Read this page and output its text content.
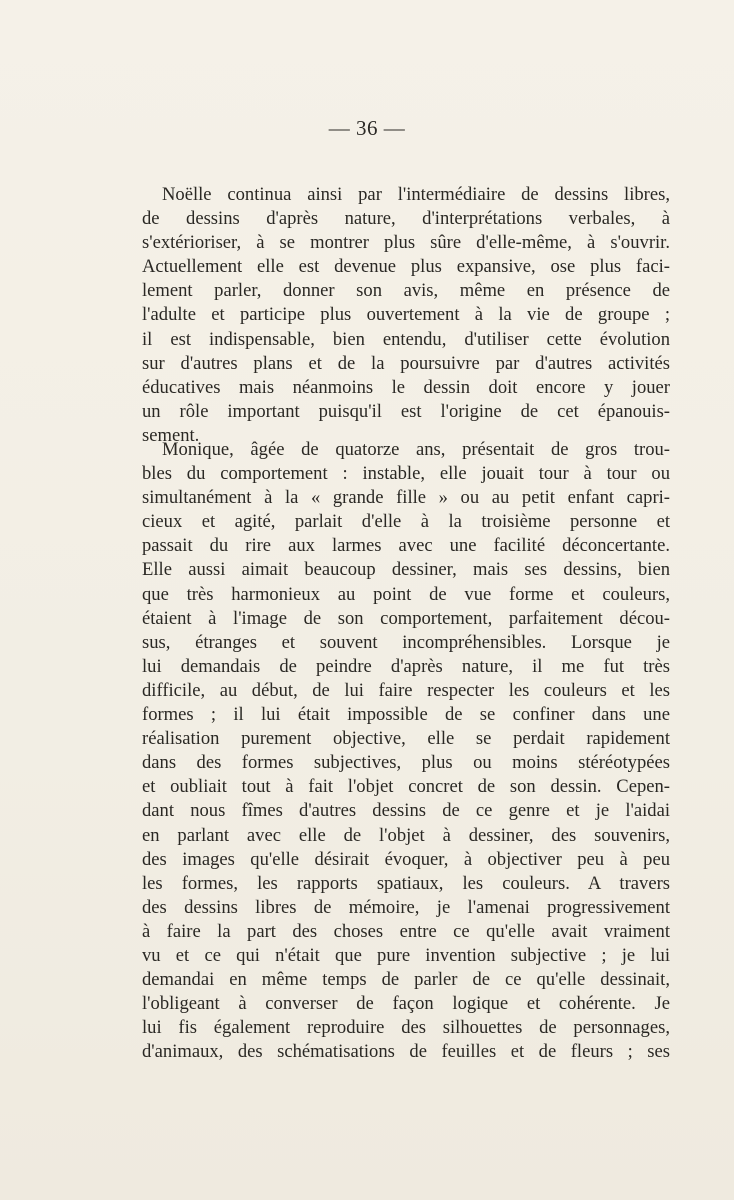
— 36 —
Noëlle continua ainsi par l'intermédiaire de dessins libres,
de dessins d'après nature, d'interprétations verbales, à
s'extérioriser, à se montrer plus sûre d'elle-même, à s'ouvrir.
Actuellement elle est devenue plus expansive, ose plus faci-
lement parler, donner son avis, même en présence de
l'adulte et participe plus ouvertement à la vie de groupe ;
il est indispensable, bien entendu, d'utiliser cette évolution
sur d'autres plans et de la poursuivre par d'autres activités
éducatives mais néanmoins le dessin doit encore y jouer
un rôle important puisqu'il est l'origine de cet épanouis-
sement.
Monique, âgée de quatorze ans, présentait de gros trou-
bles du comportement : instable, elle jouait tour à tour ou
simultanément à la « grande fille » ou au petit enfant capri-
cieux et agité, parlait d'elle à la troisième personne et
passait du rire aux larmes avec une facilité déconcertante.
Elle aussi aimait beaucoup dessiner, mais ses dessins, bien
que très harmonieux au point de vue forme et couleurs,
étaient à l'image de son comportement, parfaitement décou-
sus, étranges et souvent incompréhensibles. Lorsque je
lui demandais de peindre d'après nature, il me fut très
difficile, au début, de lui faire respecter les couleurs et les
formes ; il lui était impossible de se confiner dans une
réalisation purement objective, elle se perdait rapidement
dans des formes subjectives, plus ou moins stéréotypées
et oubliait tout à fait l'objet concret de son dessin. Cepen-
dant nous fîmes d'autres dessins de ce genre et je l'aidai
en parlant avec elle de l'objet à dessiner, des souvenirs,
des images qu'elle désirait évoquer, à objectiver peu à peu
les formes, les rapports spatiaux, les couleurs. A travers
des dessins libres de mémoire, je l'amenai progressivement
à faire la part des choses entre ce qu'elle avait vraiment
vu et ce qui n'était que pure invention subjective ; je lui
demandai en même temps de parler de ce qu'elle dessinait,
l'obligeant à converser de façon logique et cohérente. Je
lui fis également reproduire des silhouettes de personnages,
d'animaux, des schématisations de feuilles et de fleurs ; ses
